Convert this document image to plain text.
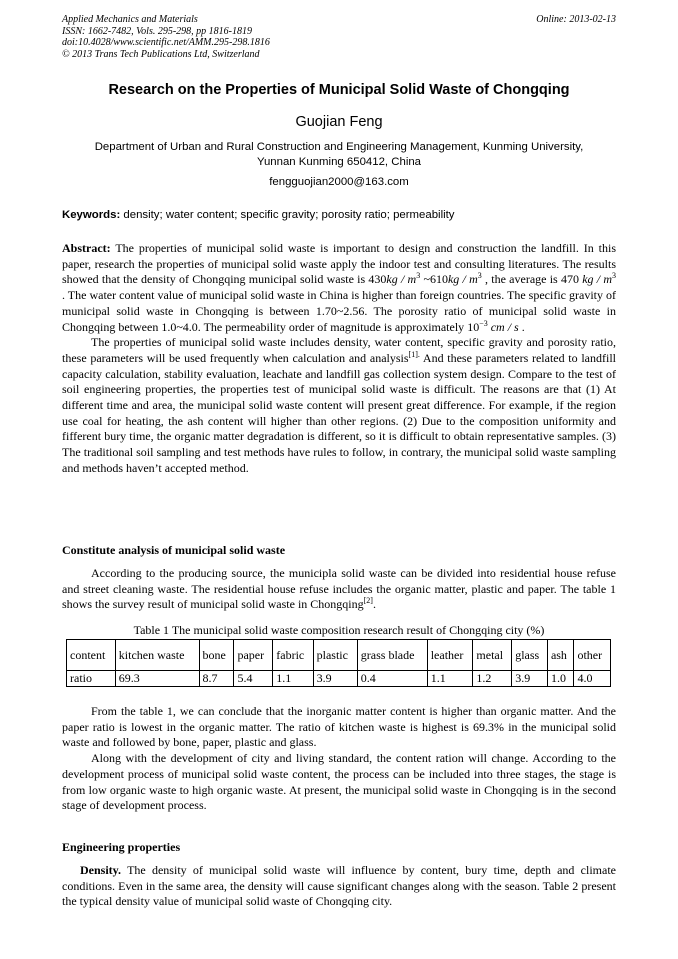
Applied Mechanics and Materials
ISSN: 1662-7482, Vols. 295-298, pp 1816-1819
doi:10.4028/www.scientific.net/AMM.295-298.1816
© 2013 Trans Tech Publications Ltd, Switzerland
Online: 2013-02-13
Research on the Properties of Municipal Solid Waste of Chongqing
Guojian Feng
Department of Urban and Rural Construction and Engineering Management, Kunming University,
Yunnan Kunming 650412, China
fengguojian2000@163.com
Keywords: density; water content; specific gravity; porosity ratio; permeability

Abstract: The properties of municipal solid waste is important to design and construction the landfill. In this paper, research the properties of municipal solid waste apply the indoor test and consulting literatures. The results showed that the density of Chongqing municipal solid waste is $430kg / m^3$ ~610kg / $m^3$ , the average is 470 kg / $m^3$ . The water content value of municipal solid waste in China is higher than foreign countries. The specific gravity of municipal solid waste in Chongqing is between 1.70~2.56. The porosity ratio of municipal solid waste in Chongqing between 1.0~4.0. The permeability order of magnitude is approximately $10^{-3}$ cm / s .

The properties of municipal solid waste includes density, water content, specific gravity and porosity ratio, these parameters will be used frequently when calculation and analysis$^{[1].}$ And these parameters related to landfill capacity calculation, stability evaluation, leachate and landfill gas collection system design. Compare to the test of soil engineering properties, the properties test of municipal solid waste is difficult. The reasons are that (1) At different time and area, the municipal solid waste content will present great difference. For example, if the region use coal for heating, the ash content will higher than other regions. (2) Due to the composition uniformity and fifferent bury time, the organic matter degradation is different, so it is difficult to obtain representative samples. (3) The traditional soil sampling and test methods have rules to follow, in contrary, the municipal solid waste sampling and methods haven’t accepted method.

Constitute analysis of municipal solid waste

According to the producing source, the municipla solid waste can be divided into residential house refuse and street cleaning waste. The residential house refuse includes the organic matter, plastic and paper. The table 1 shows the survey result of municipal solid waste in Chongqing[2].

Table 1 The municipal solid waste composition research result of Chongqing city (%)
content	kitchen waste	bone	paper	fabric	plastic	grass blade	leather	metal	glass	ash	other
ratio	69.3	8.7	5.4	1.1	3.9	0.4	1.1	1.2	3.9	1.0	4.0

From the table 1, we can conclude that the inorganic matter content is higher than organic matter. And the paper ratio is lowest in the organic matter. The ratio of kitchen waste is highest is 69.3% in the municipal solid waste and followed by bone, paper, plastic and glass.

Along with the development of city and living standard, the content ration will change. According to the development process of municipal solid waste content, the process can be included into three stages, the stage is from low organic waste to high organic waste. At present, the municipal solid waste in Chongqing is in the second stage of development process.

Engineering properties

Density. The density of municipal solid waste will influence by content, bury time, depth and climate conditions. Even in the same area, the density will cause significant changes along with the season. Table 2 present the typical density value of municipal solid waste of Chongqing city.
